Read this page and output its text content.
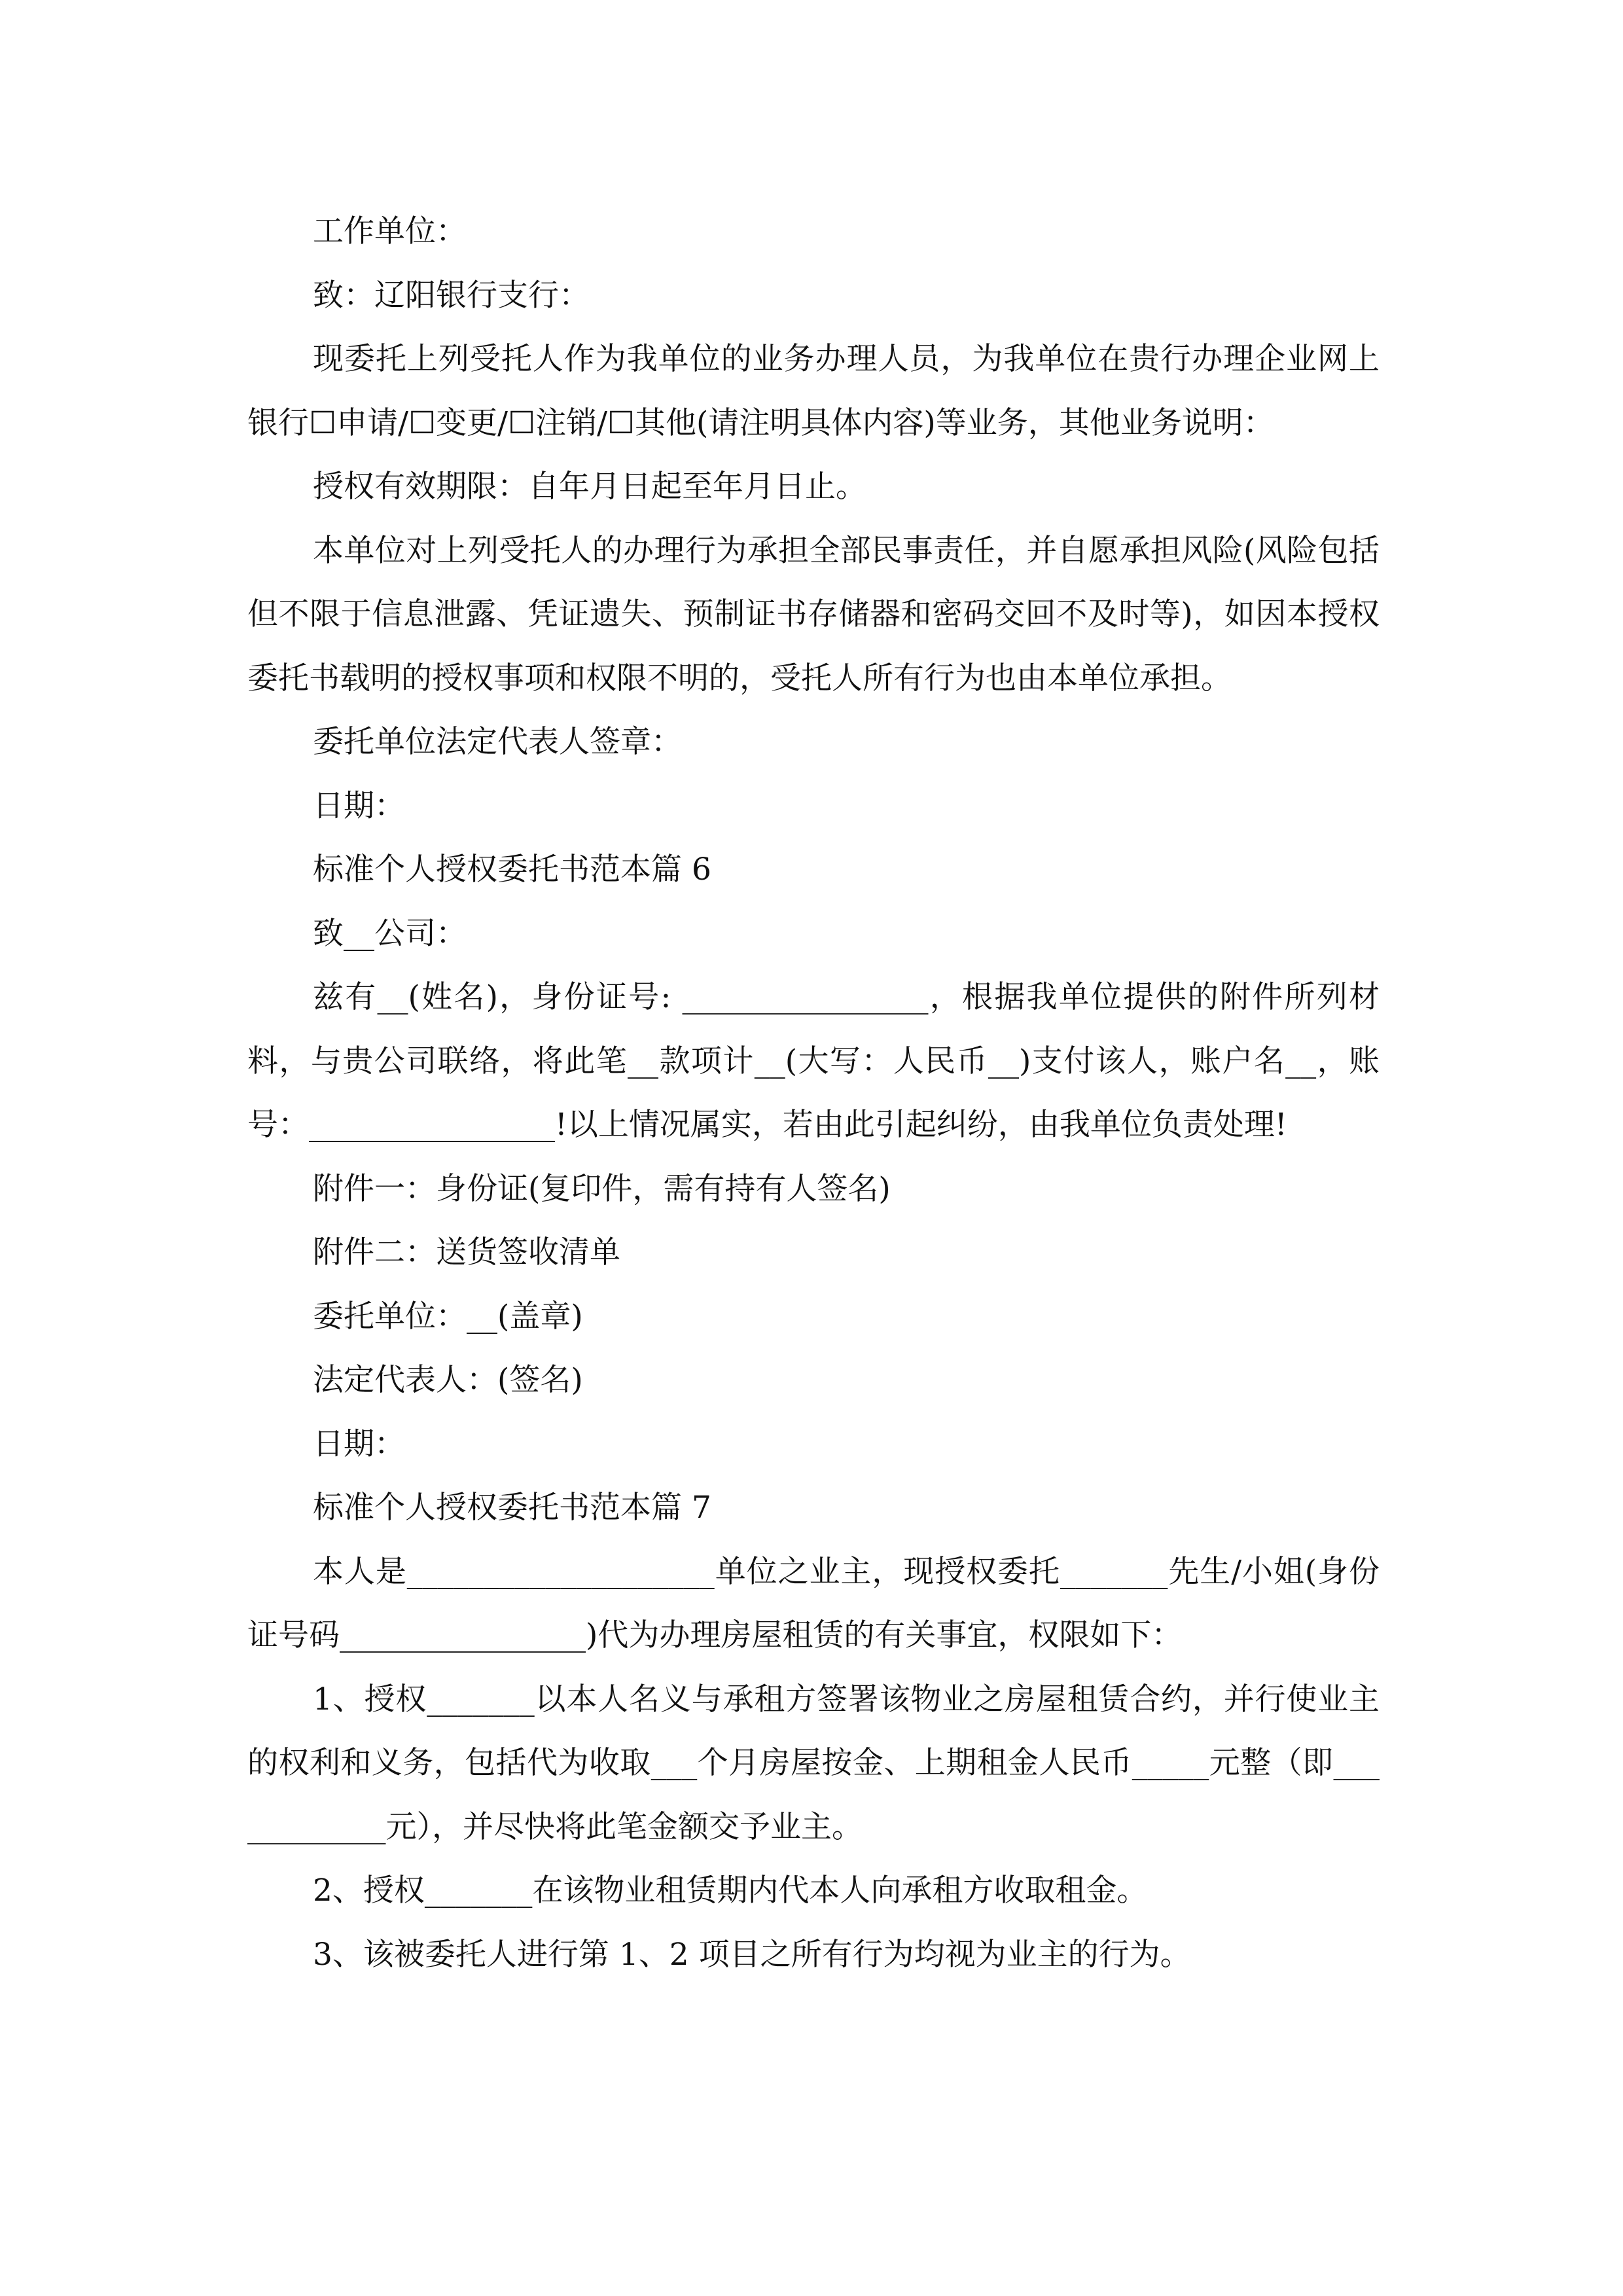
工作单位：

致：辽阳银行支行：

现委托上列受托人作为我单位的业务办理人员，为我单位在贵行办理企业网上银行☐申请/☐变更/☐注销/☐其他(请注明具体内容)等业务，其他业务说明：

授权有效期限：自年月日起至年月日止。

本单位对上列受托人的办理行为承担全部民事责任，并自愿承担风险(风险包括但不限于信息泄露、凭证遗失、预制证书存储器和密码交回不及时等)，如因本授权委托书载明的授权事项和权限不明的，受托人所有行为也由本单位承担。

委托单位法定代表人签章：

日期：

标准个人授权委托书范本篇 6

致__公司：

兹有__(姓名)，身份证号: ________________，根据我单位提供的附件所列材料，与贵公司联络，将此笔__款项计__(大写：人民币__)支付该人，账户名__，账号：________________!以上情况属实，若由此引起纠纷，由我单位负责处理!

附件一：身份证(复印件，需有持有人签名)

附件二：送货签收清单

委托单位：__(盖章)

法定代表人：(签名)

日期：

标准个人授权委托书范本篇 7

本人是____________________单位之业主，现授权委托_______先生/小姐(身份证号码________________)代为办理房屋租赁的有关事宜，权限如下：

1、授权_______以本人名义与承租方签署该物业之房屋租赁合约，并行使业主的权利和义务，包括代为收取___个月房屋按金、上期租金人民币_____元整（即____________元），并尽快将此笔金额交予业主。

2、授权_______在该物业租赁期内代本人向承租方收取租金。

3、该被委托人进行第 1、2 项目之所有行为均视为业主的行为。
